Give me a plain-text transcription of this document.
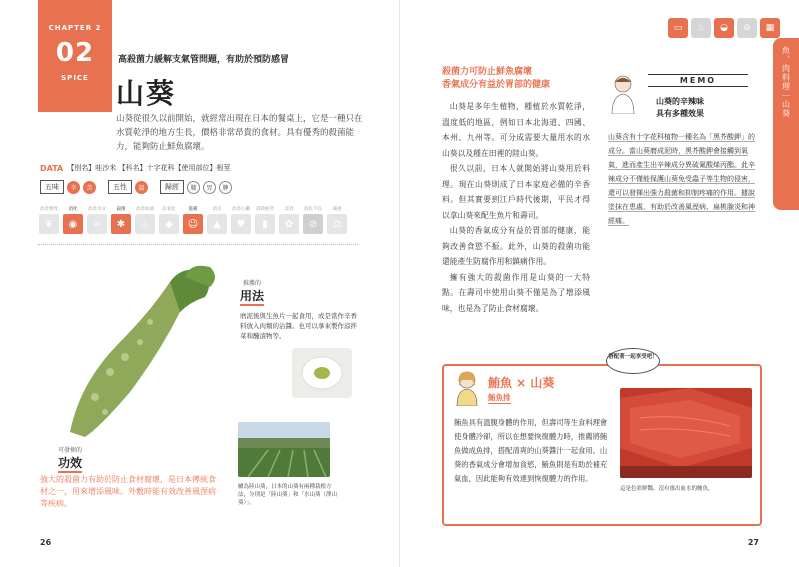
CHAPTER 2
02
SPICE
高殺菌力緩解支氣管問題，有助於預防感冒
山葵
山葵從很久以前開始，就經常出現在日本的餐桌上，它是一種只在水質乾淨的地方生長，價格非常昂貴的食材。具有優秀的殺菌能力，能夠防止鮮魚腐壞。
DATA 【別名】哇沙米 【科名】十字花科【使用部位】根莖
五味	辛	苦	五性	溫	歸經	肺	胃	脾
改善寒性
❦
消化
◉
改善水分
≈
殺菌
✱
改善血液
♨
抗氧化
◆
滋補
☺
消炎
▲
改善心臟
♥
消除疲勞
▮
美容
✿
消化不良
⊘
減重
⚖
推薦的
用法
磨泥後與生魚片一起食用，或是當作辛香料放入肉類的沾醬。也可以拿來製作涼拌菜和醃漬物等。
可發揮的
功效
強大的殺菌力有助於防止食材腐壞，是日本傳統食材之一，用來增添風味。外敷時能有效改善風溼病等疾病。
屬為陸山葵，日本的山葵有兩種栽植方法，分別是「陸山葵」和「水山葵（澤山葵）」。
26
▭	♨	◒	⊘	▦
魚、肉料理｜山葵
殺菌力可防止鮮魚腐壞
香氣成分有益於胃部的健康

山葵是多年生植物，種植於水質乾淨，溫度低的地區，例如日本北海道、四國、本州、九州等。可分成需要大量用水的水山葵以及種在田裡的陸山葵。

很久以前，日本人就開始將山葵用於料理。現在山葵則成了日本家庭必備的辛香料。但其實要到江戶時代後期，平民才得以拿山葵來配生魚片和壽司。

山葵的香氣成分有益於胃部的健康，能夠改善食慾不振。此外，山葵的殺菌功能還能產生防腐作用和鎮痛作用。

擁有強大的殺菌作用是山葵的一大特點。在壽司中使用山葵不僅是為了增添風味，也是為了防止食材腐壞。

MEMO
山葵的辛辣味
具有多種效果
山葵含有十字花科植物一種名為「黑芥酸鉀」的成分。當山葵磨成泥時，黑芥酸鉀會接觸到氧氣，進而產生出辛辣成分異硫氰酸烯丙酯。此辛辣成分不僅能保護山葵免受蟲子等生物的侵害，還可以發揮出強力殺菌和抑制疼痛的作用。據說塗抹在患處，有助於改善風溼病、扁桃腺炎和神經痛。
搭配著一起享受吧！
鮪魚 × 山葵
鮪魚排
鮪魚具有溫腹身體的作用，但壽司等生食料理會使身體冷卻，所以在想要恢復體力時，推薦將鮪魚做成魚排，搭配清爽的山葵醬汁一起食用。山葵的香氣成分會增加食慾，鮪魚則是有助於補充氣血，因此能夠有效達到恢復體力的作用。
這是色彩鮮豔，沒有滲出血水的鮪魚。
27
